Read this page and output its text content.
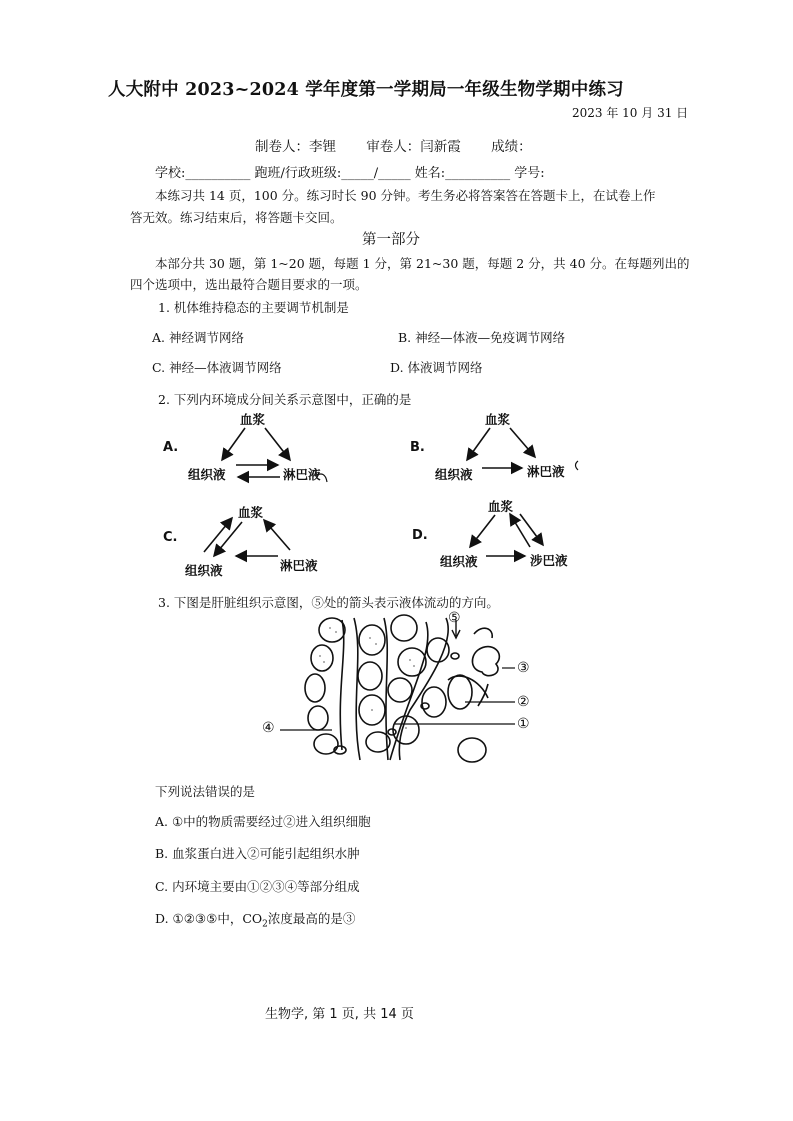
人大附中 2023~2024 学年度第一学期局一年级生物学期中练习
2023 年 10 月 31 日
制卷人：李锂 审卷人：闫新霞 成绩：
学校:__________ 跑班/行政班级:_____/_____ 姓名:__________ 学号:
本练习共 14 页，100 分。练习时长 90 分钟。考生务必将答案答在答题卡上，在试卷上作
答无效。练习结束后，将答题卡交回。
第一部分
本部分共 30 题，第 1~20 题，每题 1 分，第 21~30 题，每题 2 分，共 40 分。在每题列出的
四个选项中，选出最符合题目要求的一项。
1. 机体维持稳态的主要调节机制是
A. 神经调节网络	B. 神经—体液—免疫调节网络
C. 神经—体液调节网络	D. 体液调节网络
2. 下列内环境成分间关系示意图中，正确的是
A.
血浆
组织液	淋巴液
B.
血浆
组织液	淋巴液
C.
血浆
组织液	淋巴液
D.
血浆
组织液	涉巴液
3. 下图是肝脏组织示意图，⑤处的箭头表示液体流动的方向。
⑤
③
②
①
④
下列说法错误的是
A. ①中的物质需要经过②进入组织细胞
B. 血浆蛋白进入②可能引起组织水肿
C. 内环境主要由①②③④等部分组成
D. ①②③⑤中，$CO_2$浓度最高的是③
生物学, 第 1 页, 共 14 页
